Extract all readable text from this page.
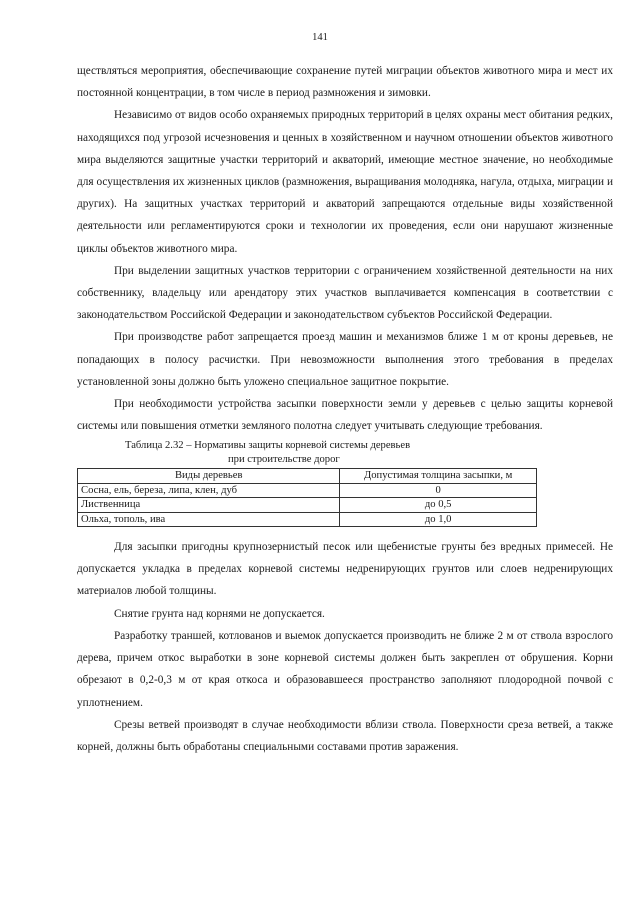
141

ществляться мероприятия, обеспечивающие сохранение путей миграции объектов животного мира и мест их постоянной концентрации, в том числе в период размножения и зимовки.

Независимо от видов особо охраняемых природных территорий в целях охраны мест обитания редких, находящихся под угрозой исчезновения и ценных в хозяйственном и научном отношении объектов животного мира выделяются защитные участки территорий и акваторий, имеющие местное значение, но необходимые для осуществления их жизненных циклов (размножения, выращивания молодняка, нагула, отдыха, миграции и других). На защитных участках территорий и акваторий запрещаются отдельные виды хозяйственной деятельности или регламентируются сроки и технологии их проведения, если они нарушают жизненные циклы объектов животного мира.

При выделении защитных участков территории с ограничением хозяйственной деятельности на них собственнику, владельцу или арендатору этих участков выплачивается компенсация в соответствии с законодательством Российской Федерации и законодательством субъектов Российской Федерации.

При производстве работ запрещается проезд машин и механизмов ближе 1 м от кроны деревьев, не попадающих в полосу расчистки. При невозможности выполнения этого требования в пределах установленной зоны должно быть уложено специальное защитное покрытие.

При необходимости устройства засыпки поверхности земли у деревьев с целью защиты корневой системы или повышения отметки земляного полотна следует учитывать следующие требования.

Таблица 2.32 – Нормативы защиты корневой системы деревьев
при строительстве дорог
Виды деревьев	Допустимая толщина засыпки, м
Сосна, ель, береза, липа, клен, дуб	0
Лиственница	до 0,5
Ольха, тополь, ива	до 1,0

Для засыпки пригодны крупнозернистый песок или щебенистые грунты без вредных примесей. Не допускается укладка в пределах корневой системы недренирующих грунтов или слоев недренирующих материалов любой толщины.

Снятие грунта над корнями не допускается.

Разработку траншей, котлованов и выемок допускается производить не ближе 2 м от ствола взрослого дерева, причем откос выработки в зоне корневой системы должен быть закреплен от обрушения. Корни обрезают в 0,2-0,3 м от края откоса и образовавшееся пространство заполняют плодородной почвой с уплотнением.

Срезы ветвей производят в случае необходимости вблизи ствола. Поверхности среза ветвей, а также корней, должны быть обработаны специальными составами против заражения.
